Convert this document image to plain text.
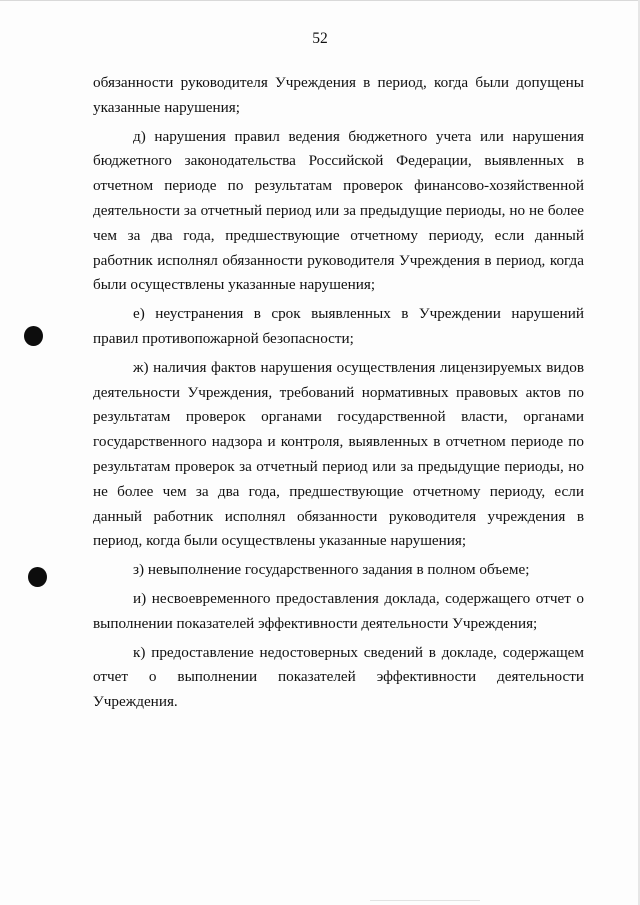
52

обязанности руководителя Учреждения в период, когда были допущены указанные нарушения;

д) нарушения правил ведения бюджетного учета или нарушения бюджетного законодательства Российской Федерации, выявленных в отчетном периоде по результатам проверок финансово-хозяйственной деятельности за отчетный период или за предыдущие периоды, но не более чем за два года, предшествующие отчетному периоду, если данный работник исполнял обязанности руководителя Учреждения в период, когда были осуществлены указанные нарушения;

е) неустранения в срок выявленных в Учреждении нарушений правил противопожарной безопасности;

ж) наличия фактов нарушения осуществления лицензируемых видов деятельности Учреждения, требований нормативных правовых актов по результатам проверок органами государственной власти, органами государственного надзора и контроля, выявленных в отчетном периоде по результатам проверок за отчетный период или за предыдущие периоды, но не более чем за два года, предшествующие отчетному периоду, если данный работник исполнял обязанности руководителя учреждения в период, когда были осуществлены указанные нарушения;

з) невыполнение государственного задания в полном объеме;

и) несвоевременного предоставления доклада, содержащего отчет о выполнении показателей эффективности деятельности Учреждения;

к) предоставление недостоверных сведений в докладе, содержащем отчет о выполнении показателей эффективности деятельности Учреждения.
